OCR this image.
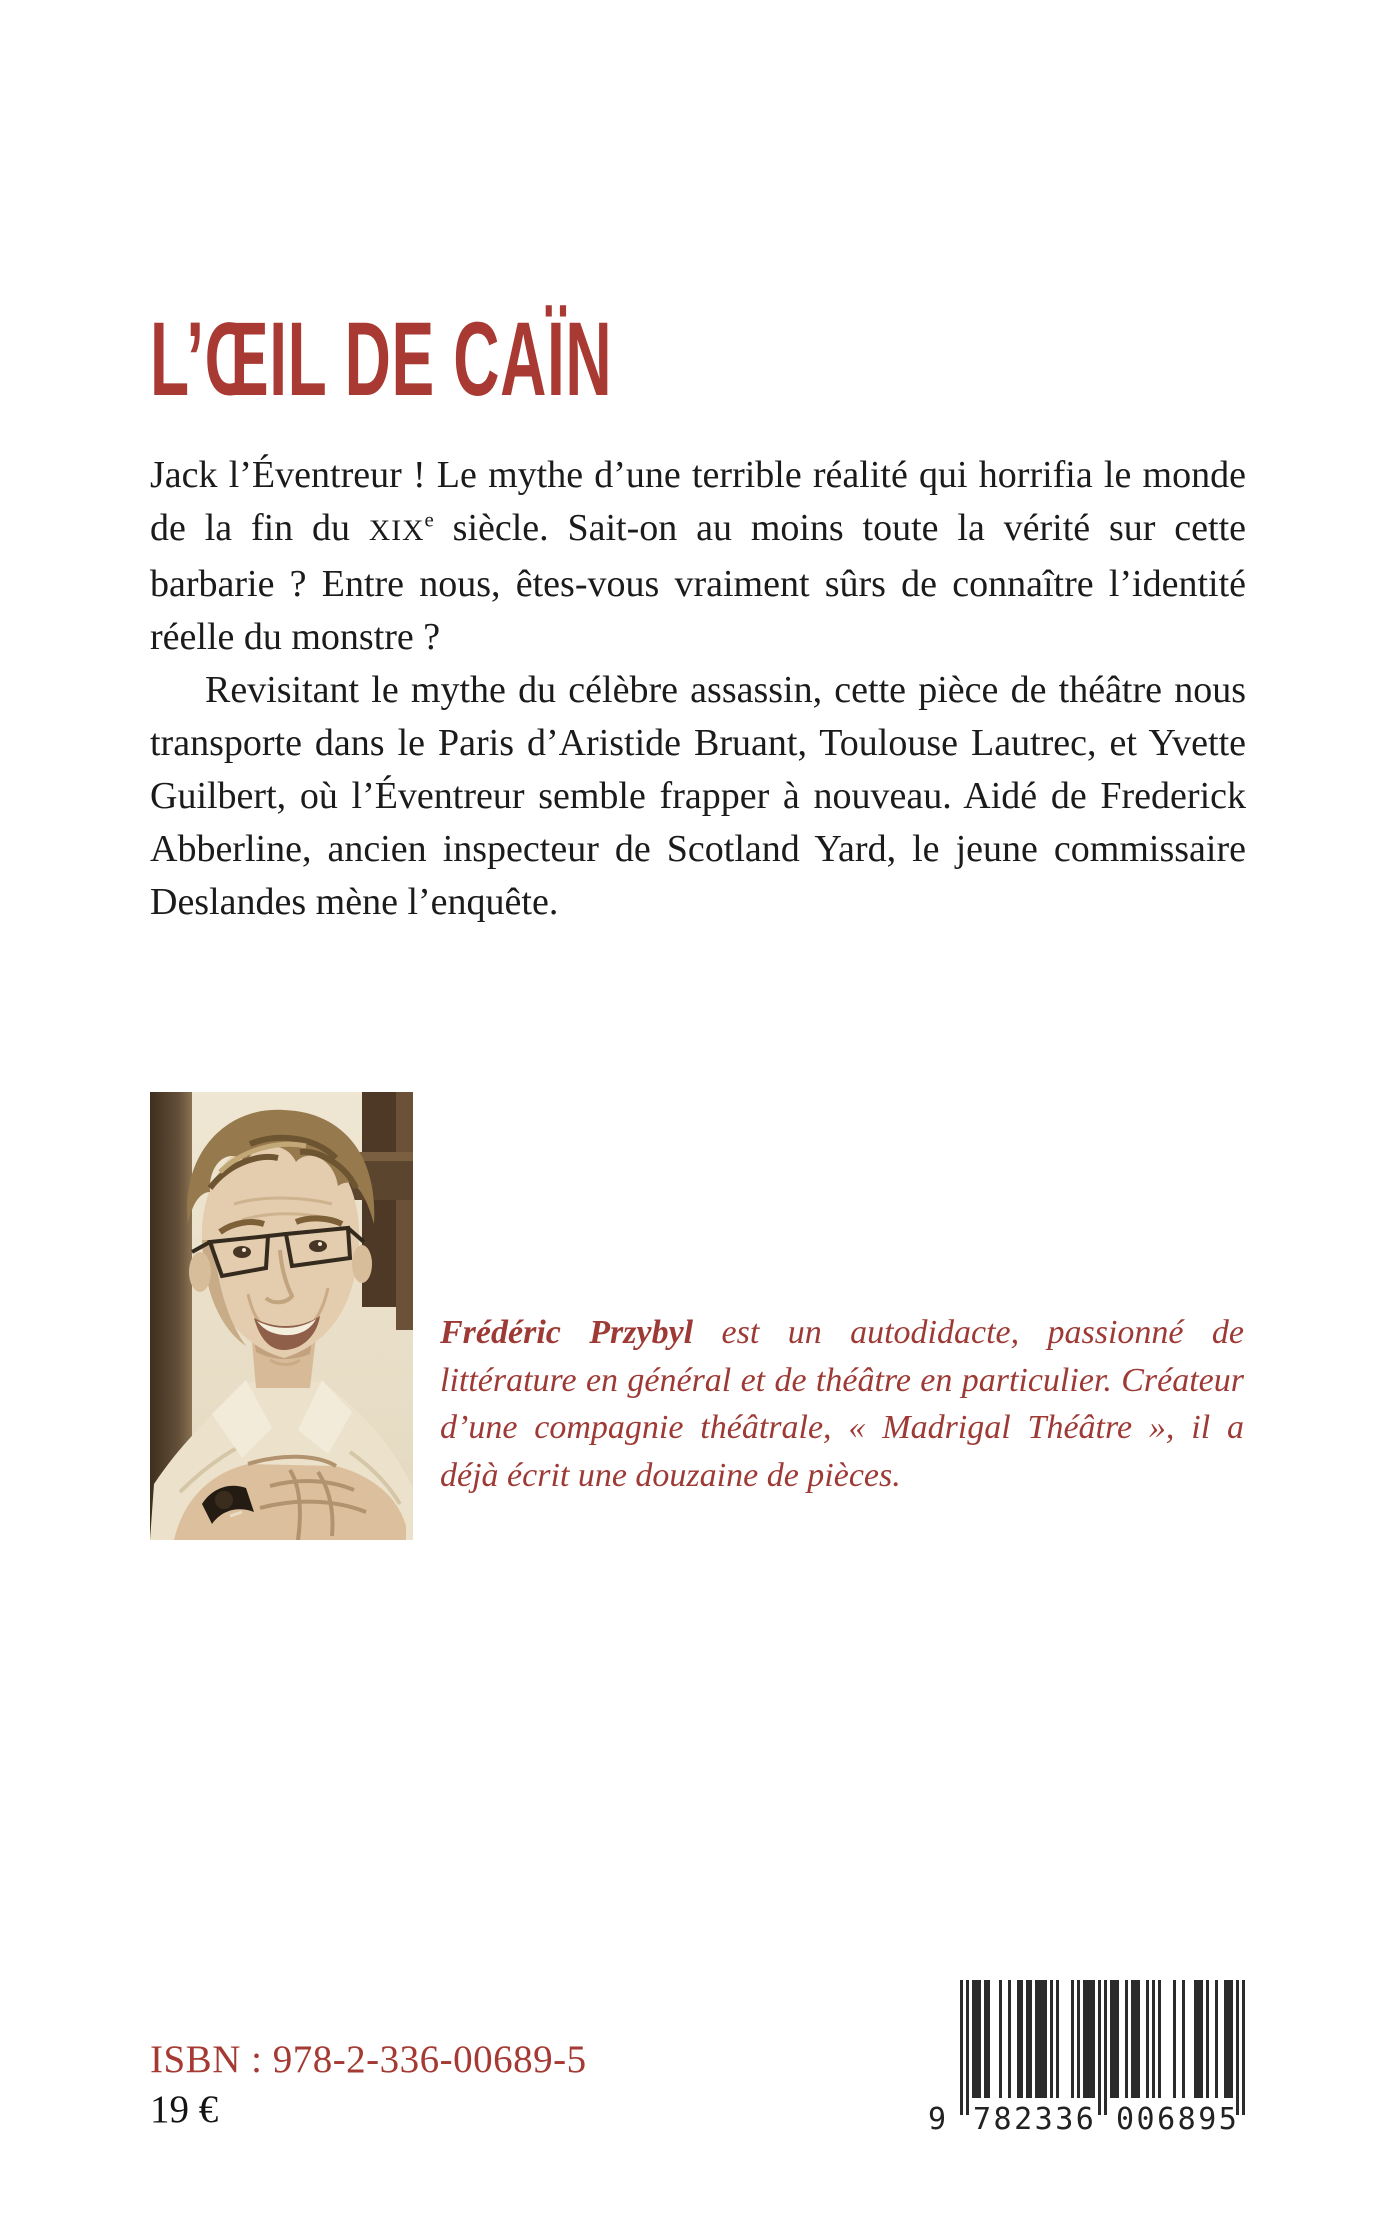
L’ŒIL DE CAÏN

Jack l’Éventreur ! Le mythe d’une terrible réalité qui horrifia le monde de la fin du XIXe siècle. Sait-on au moins toute la vérité sur cette barbarie ? Entre nous, êtes-vous vraiment sûrs de connaître l’identité réelle du monstre ?

Revisitant le mythe du célèbre assassin, cette pièce de théâtre nous transporte dans le Paris d’Aristide Bruant, Toulouse Lautrec, et Yvette Guilbert, où l’Éventreur semble frapper à nouveau. Aidé de Frederick Abberline, ancien inspecteur de Scotland Yard, le jeune commissaire Deslandes mène l’enquête.

Frédéric Przybyl est un autodidacte, passionné de littérature en général et de théâtre en particulier. Créateur d’une compagnie théâtrale, « Madrigal Théâtre », il a déjà écrit une douzaine de pièces.
ISBN : 978-2-336-00689-5
19 €	9 782336 006895
